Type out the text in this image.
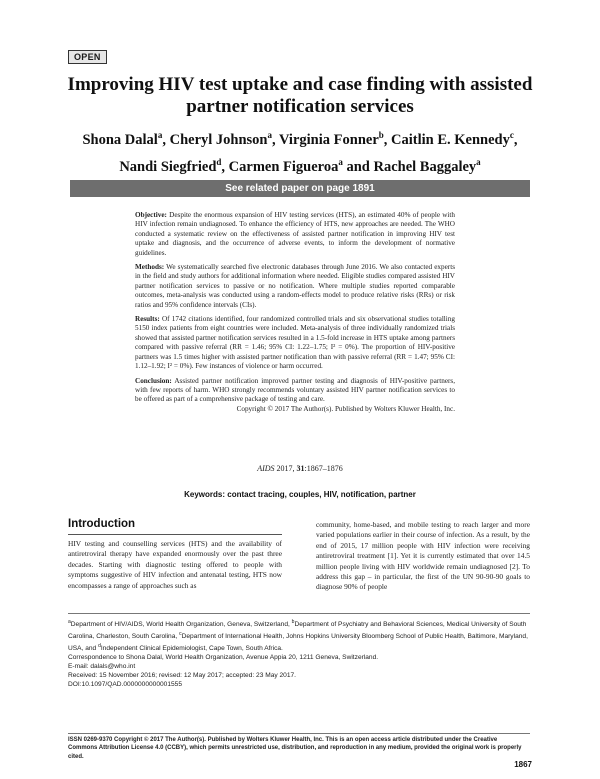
OPEN
Improving HIV test uptake and case finding with assisted partner notification services
Shona Dalal$^a$, Cheryl Johnson$^a$, Virginia Fonner$^b$, Caitlin E. Kennedy$^c$,
Nandi Siegfried$^d$, Carmen Figueroa$^a$ and Rachel Baggaley$^a$
See related paper on page 1891

Objective: Despite the enormous expansion of HIV testing services (HTS), an estimated 40% of people with HIV infection remain undiagnosed. To enhance the efficiency of HTS, new approaches are needed. The WHO conducted a systematic review on the effectiveness of assisted partner notification in improving HIV test uptake and diagnosis, and the occurrence of adverse events, to inform the development of normative guidelines.

Methods: We systematically searched five electronic databases through June 2016. We also contacted experts in the field and study authors for additional information where needed. Eligible studies compared assisted HIV partner notification services to passive or no notification. Where multiple studies reported comparable outcomes, meta-analysis was conducted using a random-effects model to produce relative risks (RRs) or risk ratios and 95% confidence intervals (CIs).

Results: Of 1742 citations identified, four randomized controlled trials and six observational studies totalling 5150 index patients from eight countries were included. Meta-analysis of three individually randomized trials showed that assisted partner notification services resulted in a 1.5-fold increase in HTS uptake among partners compared with passive referral (RR = 1.46; 95% CI: 1.22–1.75; I² = 0%). The proportion of HIV-positive partners was 1.5 times higher with assisted partner notification than with passive referral (RR = 1.47; 95% CI: 1.12–1.92; I² = 0%). Few instances of violence or harm occurred.

Conclusion: Assisted partner notification improved partner testing and diagnosis of HIV-positive partners, with few reports of harm. WHO strongly recommends voluntary assisted HIV partner notification services to be offered as part of a comprehensive package of testing and care.
Copyright © 2017 The Author(s). Published by Wolters Kluwer Health, Inc.

AIDS 2017, 31:1867–1876
Keywords: contact tracing, couples, HIV, notification, partner
Introduction
HIV testing and counselling services (HTS) and the availability of antiretroviral therapy have expanded enormously over the past three decades. Starting with diagnostic testing offered to people with symptoms suggestive of HIV infection and antenatal testing, HTS now encompasses a range of approaches such as
community, home-based, and mobile testing to reach larger and more varied populations earlier in their course of infection. As a result, by the end of 2015, 17 million people with HIV infection were receiving antiretroviral treatment [1]. Yet it is currently estimated that over 14.5 million people living with HIV worldwide remain undiagnosed [2]. To address this gap – in particular, the first of the UN 90-90-90 goals to diagnose 90% of people

$^a$Department of HIV/AIDS, World Health Organization, Geneva, Switzerland, $^b$Department of Psychiatry and Behavioral Sciences, Medical University of South Carolina, Charleston, South Carolina, $^c$Department of International Health, Johns Hopkins University Bloomberg School of Public Health, Baltimore, Maryland, USA, and $^d$Independent Clinical Epidemiologist, Cape Town, South Africa.

Correspondence to Shona Dalal, World Health Organization, Avenue Appia 20, 1211 Geneva, Switzerland.

E-mail: dalals@who.int

Received: 15 November 2016; revised: 12 May 2017; accepted: 23 May 2017.

DOI:10.1097/QAD.0000000000001555

ISSN 0269-9370 Copyright © 2017 The Author(s). Published by Wolters Kluwer Health, Inc. This is an open access article distributed under the Creative Commons Attribution License 4.0 (CCBY), which permits unrestricted use, distribution, and reproduction in any medium, provided the original work is properly cited.
1867
